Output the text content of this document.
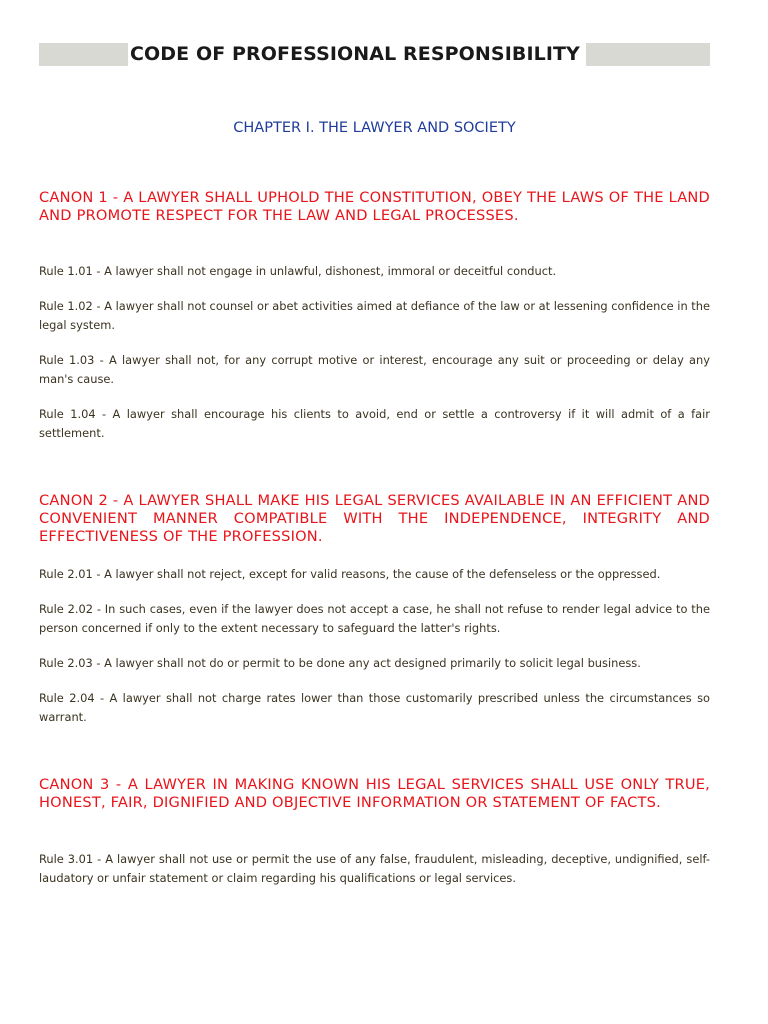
CODE OF PROFESSIONAL RESPONSIBILITY
CHAPTER I. THE LAWYER AND SOCIETY
CANON 1 - A LAWYER SHALL UPHOLD THE CONSTITUTION, OBEY THE LAWS OF THE LAND AND PROMOTE RESPECT FOR THE LAW AND LEGAL PROCESSES.
Rule 1.01 - A lawyer shall not engage in unlawful, dishonest, immoral or deceitful conduct.
Rule 1.02 - A lawyer shall not counsel or abet activities aimed at defiance of the law or at lessening confidence in the legal system.
Rule 1.03 - A lawyer shall not, for any corrupt motive or interest, encourage any suit or proceeding or delay any man's cause.
Rule 1.04 - A lawyer shall encourage his clients to avoid, end or settle a controversy if it will admit of a fair settlement.
CANON 2 - A LAWYER SHALL MAKE HIS LEGAL SERVICES AVAILABLE IN AN EFFICIENT AND CONVENIENT MANNER COMPATIBLE WITH THE INDEPENDENCE, INTEGRITY AND EFFECTIVENESS OF THE PROFESSION.
Rule 2.01 - A lawyer shall not reject, except for valid reasons, the cause of the defenseless or the oppressed.
Rule 2.02 - In such cases, even if the lawyer does not accept a case, he shall not refuse to render legal advice to the person concerned if only to the extent necessary to safeguard the latter's rights.
Rule 2.03 - A lawyer shall not do or permit to be done any act designed primarily to solicit legal business.
Rule 2.04 - A lawyer shall not charge rates lower than those customarily prescribed unless the circumstances so warrant.
CANON 3 - A LAWYER IN MAKING KNOWN HIS LEGAL SERVICES SHALL USE ONLY TRUE, HONEST, FAIR, DIGNIFIED AND OBJECTIVE INFORMATION OR STATEMENT OF FACTS.
Rule 3.01 - A lawyer shall not use or permit the use of any false, fraudulent, misleading, deceptive, undignified, self-laudatory or unfair statement or claim regarding his qualifications or legal services.
